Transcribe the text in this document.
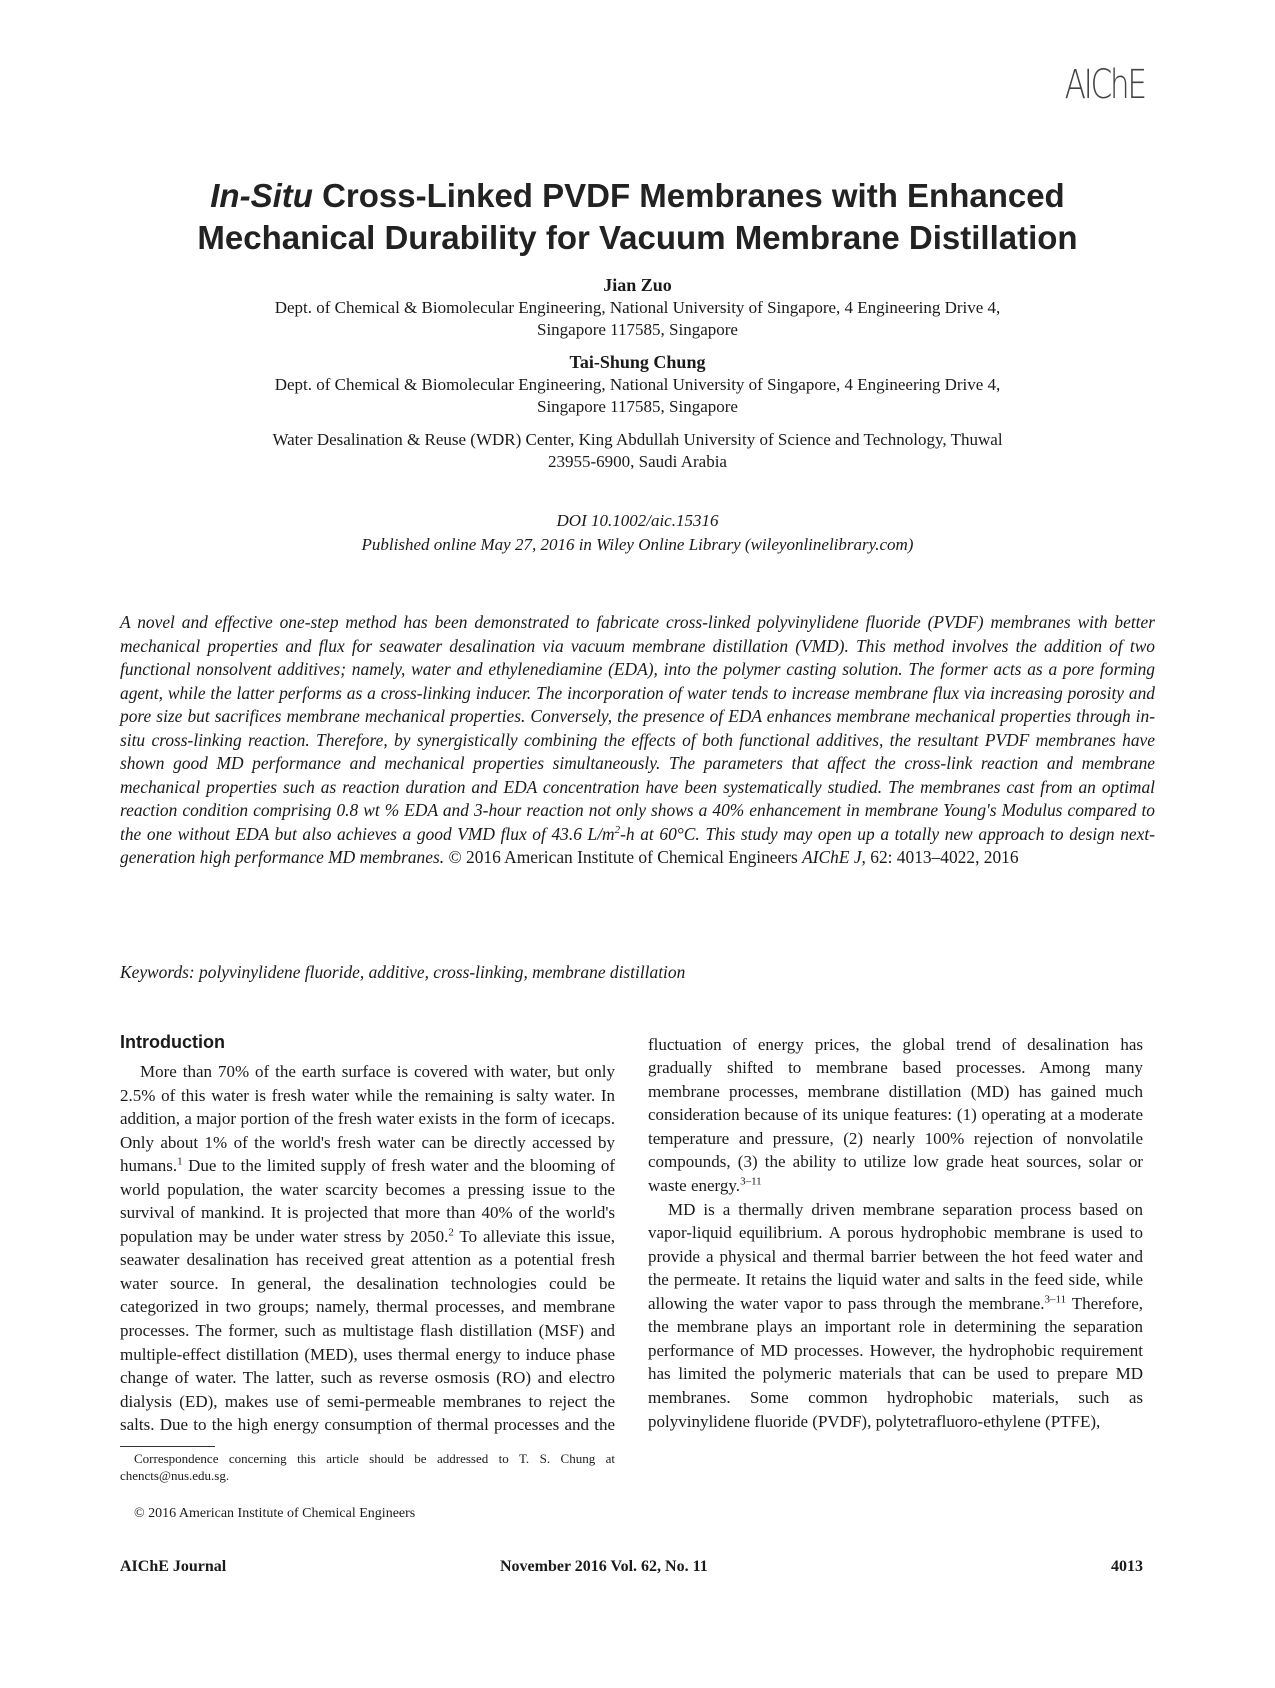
AIChE
In-Situ Cross-Linked PVDF Membranes with Enhanced
Mechanical Durability for Vacuum Membrane Distillation
Jian Zuo
Dept. of Chemical & Biomolecular Engineering, National University of Singapore, 4 Engineering Drive 4,
Singapore 117585, Singapore
Tai-Shung Chung
Dept. of Chemical & Biomolecular Engineering, National University of Singapore, 4 Engineering Drive 4,
Singapore 117585, Singapore
Water Desalination & Reuse (WDR) Center, King Abdullah University of Science and Technology, Thuwal
23955-6900, Saudi Arabia
DOI 10.1002/aic.15316
Published online May 27, 2016 in Wiley Online Library (wileyonlinelibrary.com)
A novel and effective one-step method has been demonstrated to fabricate cross-linked polyvinylidene fluoride (PVDF) membranes with better mechanical properties and flux for seawater desalination via vacuum membrane distillation (VMD). This method involves the addition of two functional nonsolvent additives; namely, water and ethylenediamine (EDA), into the polymer casting solution. The former acts as a pore forming agent, while the latter performs as a cross-linking inducer. The incorporation of water tends to increase membrane flux via increasing porosity and pore size but sacrifices membrane mechanical properties. Conversely, the presence of EDA enhances membrane mechanical properties through in-situ cross-linking reaction. Therefore, by synergistically combining the effects of both functional additives, the resultant PVDF membranes have shown good MD performance and mechanical properties simultaneously. The parameters that affect the cross-link reaction and membrane mechanical properties such as reaction duration and EDA concentration have been systematically studied. The membranes cast from an optimal reaction condition comprising 0.8 wt % EDA and 3-hour reaction not only shows a 40% enhancement in membrane Young's Modulus compared to the one without EDA but also achieves a good VMD flux of 43.6 $L/m^2-h$ at 60°C. This study may open up a totally new approach to design next-generation high performance MD membranes. © 2016 American Institute of Chemical Engineers AIChE J, 62: 4013–4022, 2016
Keywords: polyvinylidene fluoride, additive, cross-linking, membrane distillation
Introduction

More than 70% of the earth surface is covered with water, but only 2.5% of this water is fresh water while the remaining is salty water. In addition, a major portion of the fresh water exists in the form of icecaps. Only about 1% of the world's fresh water can be directly accessed by humans.$^1$ Due to the limited supply of fresh water and the blooming of world population, the water scarcity becomes a pressing issue to the survival of mankind. It is projected that more than 40% of the world's population may be under water stress by 2050.$^2$ To alleviate this issue, seawater desalination has received great attention as a potential fresh water source. In general, the desalination technologies could be categorized in two groups; namely, thermal processes, and membrane processes. The former, such as multistage flash distillation (MSF) and multiple-effect distillation (MED), uses thermal energy to induce phase change of water. The latter, such as reverse osmosis (RO) and electro dialysis (ED), makes use of semi-permeable membranes to reject the salts. Due to the high energy consumption of thermal processes and the

fluctuation of energy prices, the global trend of desalination has gradually shifted to membrane based processes. Among many membrane processes, membrane distillation (MD) has gained much consideration because of its unique features: (1) operating at a moderate temperature and pressure, (2) nearly 100% rejection of nonvolatile compounds, (3) the ability to utilize low grade heat sources, solar or waste energy.$^{3-11}$

MD is a thermally driven membrane separation process based on vapor-liquid equilibrium. A porous hydrophobic membrane is used to provide a physical and thermal barrier between the hot feed water and the permeate. It retains the liquid water and salts in the feed side, while allowing the water vapor to pass through the membrane.$^{3-11}$ Therefore, the membrane plays an important role in determining the separation performance of MD processes. However, the hydrophobic requirement has limited the polymeric materials that can be used to prepare MD membranes. Some common hydrophobic materials, such as polyvinylidene fluoride (PVDF), polytetrafluoro-ethylene (PTFE),

Correspondence concerning this article should be addressed to T. S. Chung at chencts@nus.edu.sg.
© 2016 American Institute of Chemical Engineers
AIChE Journal	November 2016 Vol. 62, No. 11	4013
